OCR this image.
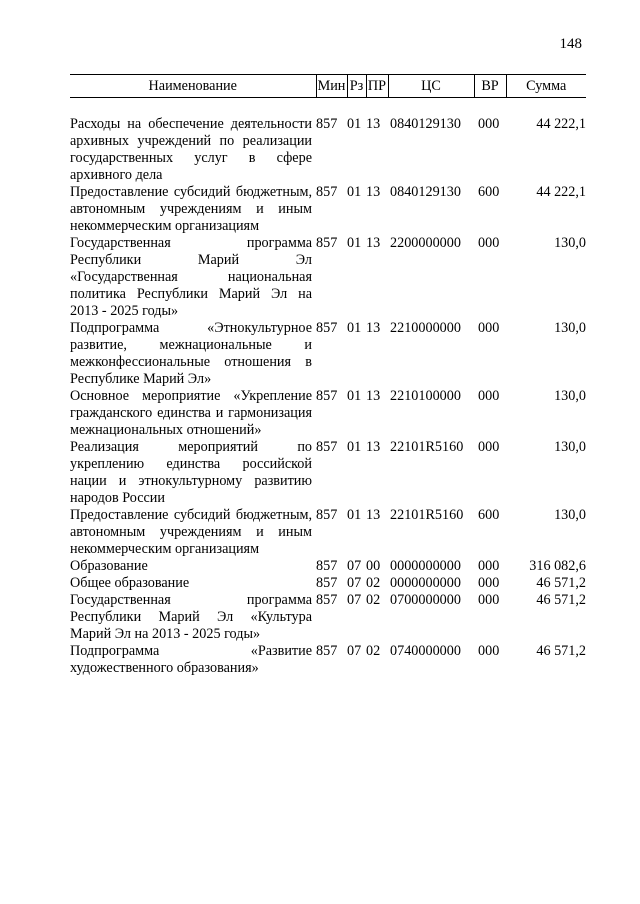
148
Наименование	Мин	Рз	ПР	ЦС	ВР	Сумма

Расходы на обеспечение деятельности архивных учреждений по реализации государственных услуг в сфере архивного дела	857	01	13	0840129130	000	44 222,1
Предоставление субсидий бюджетным, автономным учреждениям и иным некоммерческим организациям	857	01	13	0840129130	600	44 222,1
Государственная программа Республики Марий Эл «Государственная национальная политика Республики Марий Эл на 2013 - 2025 годы»	857	01	13	2200000000	000	130,0
Подпрограмма «Этнокультурное развитие, межнациональные и межконфессиональные отношения в Республике Марий Эл»	857	01	13	2210000000	000	130,0
Основное мероприятие «Укрепление гражданского единства и гармонизация межнациональных отношений»	857	01	13	2210100000	000	130,0
Реализация мероприятий по укреплению единства российской нации и этнокультурному развитию народов России	857	01	13	22101R5160	000	130,0
Предоставление субсидий бюджетным, автономным учреждениям и иным некоммерческим организациям	857	01	13	22101R5160	600	130,0
Образование	857	07	00	0000000000	000	316 082,6
Общее образование	857	07	02	0000000000	000	46 571,2
Государственная программа Республики Марий Эл «Культура Марий Эл на 2013 - 2025 годы»	857	07	02	0700000000	000	46 571,2
Подпрограмма «Развитие художественного образования»	857	07	02	0740000000	000	46 571,2
